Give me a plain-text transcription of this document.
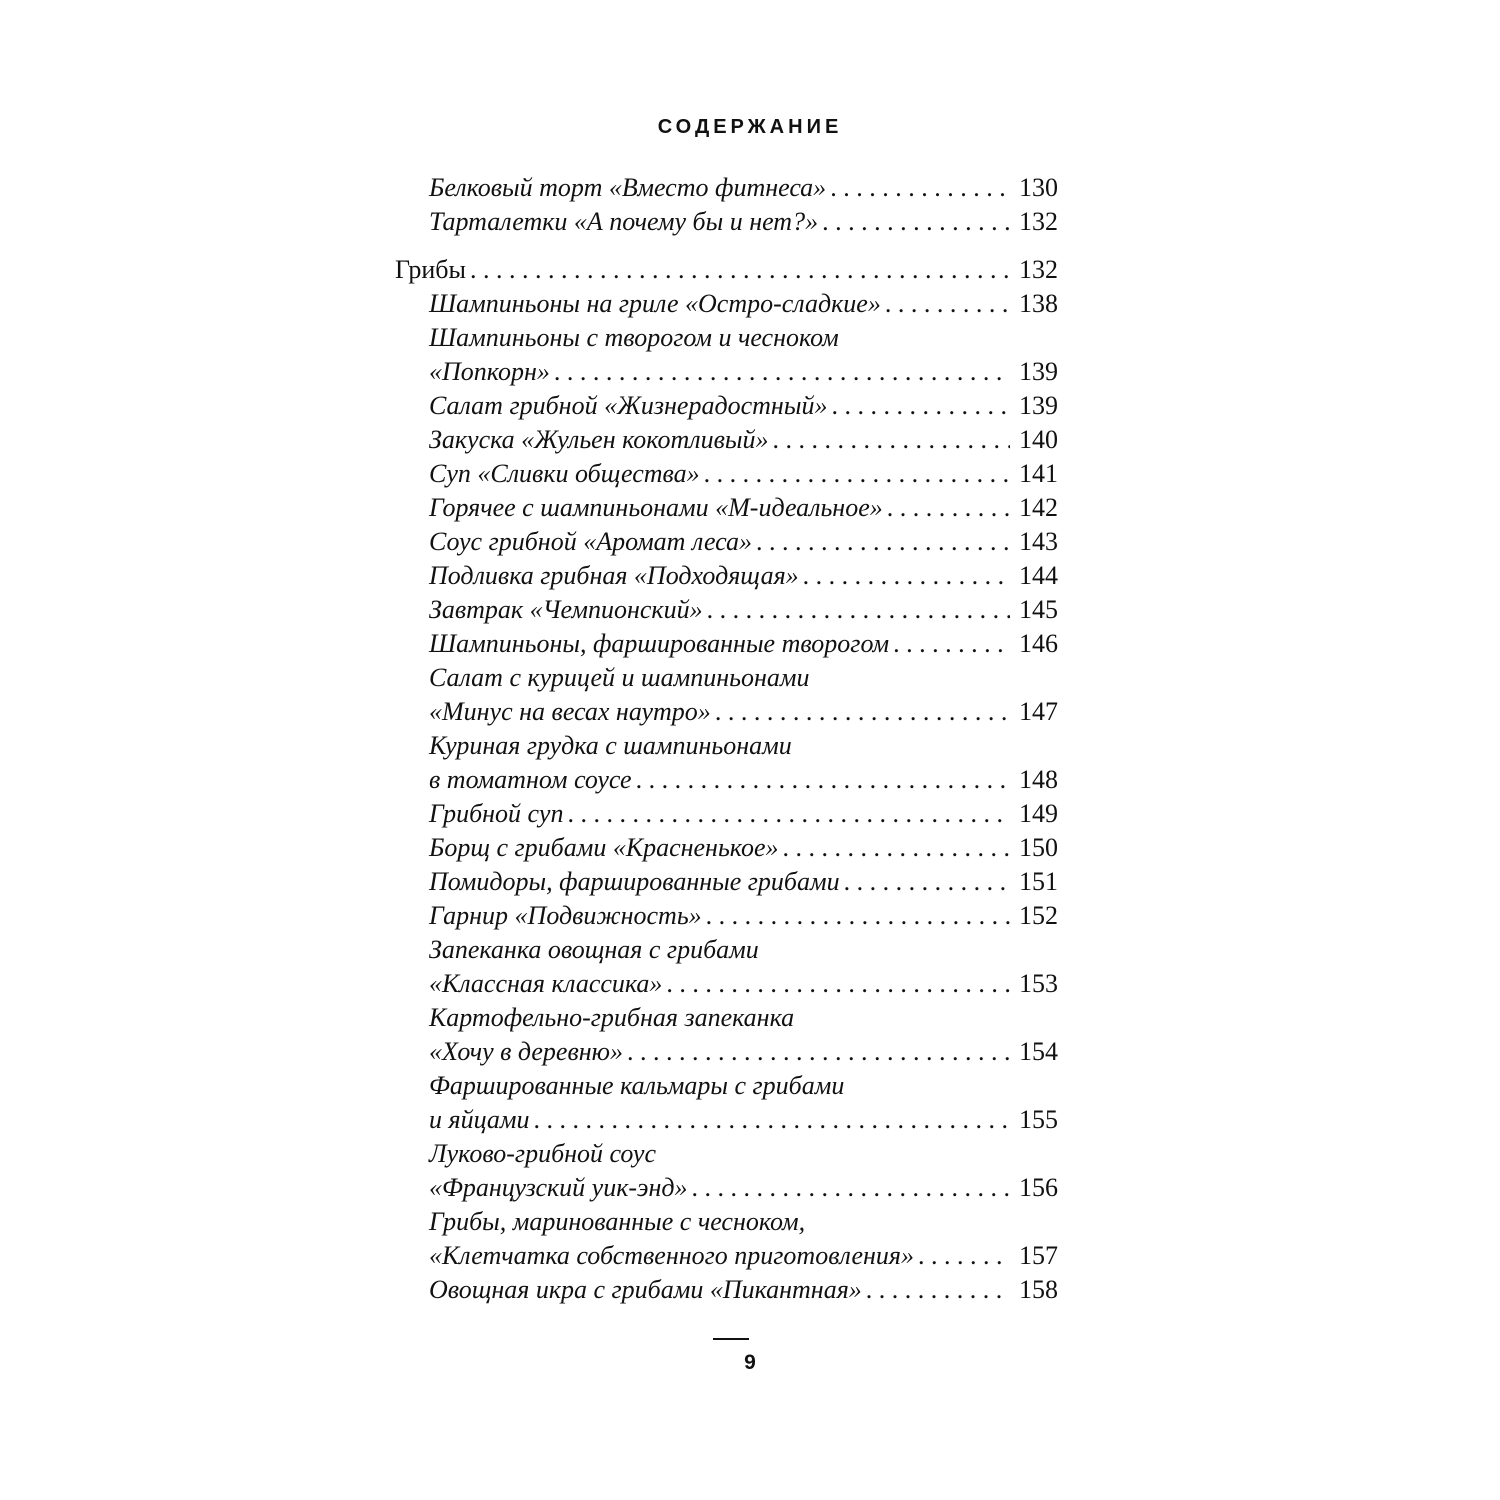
СОДЕРЖАНИЕ
Белковый торт «Вместо фитнеса» . . .	130
Тарталетки «А почему бы и нет?» . . .	132
Грибы . . .	132
Шампиньоны на гриле «Остро-сладкие» . . .	138
Шампиньоны с творогом и чесноком
«Попкорн» . . .	139
Салат грибной «Жизнерадостный» . . .	139
Закуска «Жульен кокотливый» . . .	140
Суп «Сливки общества» . . .	141
Горячее с шампиньонами «М-идеальное» . . .	142
Соус грибной «Аромат леса» . . .	143
Подливка грибная «Подходящая» . . .	144
Завтрак «Чемпионский» . . .	145
Шампиньоны, фаршированные творогом . . .	146
Салат с курицей и шампиньонами
«Минус на весах наутро» . . .	147
Куриная грудка с шампиньонами
в томатном соусе . . .	148
Грибной суп . . .	149
Борщ с грибами «Красненькое» . . .	150
Помидоры, фаршированные грибами . . .	151
Гарнир «Подвижность» . . .	152
Запеканка овощная с грибами
«Классная классика» . . .	153
Картофельно-грибная запеканка
«Хочу в деревню» . . .	154
Фаршированные кальмары с грибами
и яйцами . . .	155
Луково-грибной соус
«Французский уик-энд» . . .	156
Грибы, маринованные с чесноком,
«Клетчатка собственного приготовления» . . .	157
Овощная икра с грибами «Пикантная» . . .	158
9
